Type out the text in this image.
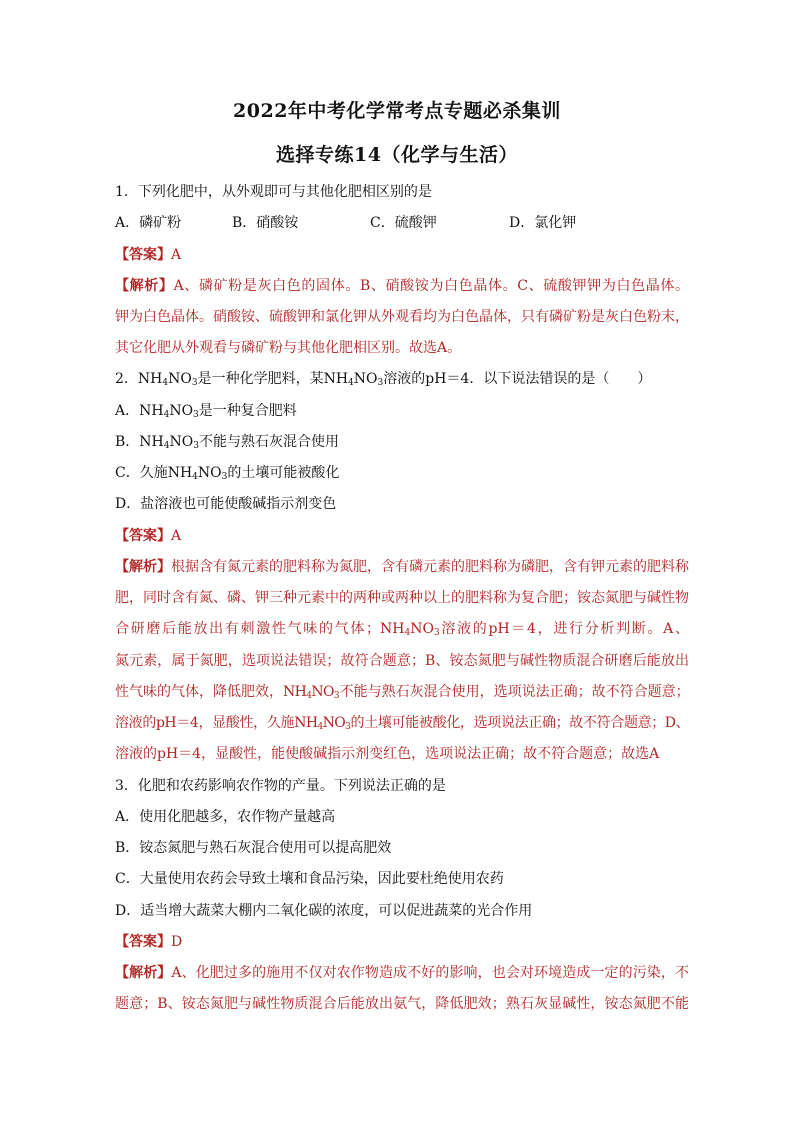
2022年中考化学常考点专题必杀集训
选择专练14（化学与生活）
1．下列化肥中，从外观即可与其他化肥相区别的是
A．磷矿粉	B．硝酸铵	C．硫酸钾	D．氯化钾
【答案】A
【解析】A、磷矿粉是灰白色的固体。B、硝酸铵为白色晶体。C、硫酸钾钾为白色晶体。
钾为白色晶体。硝酸铵、硫酸钾和氯化钾从外观看均为白色晶体，只有磷矿粉是灰白色粉末，
其它化肥从外观看与磷矿粉与其他化肥相区别。故选A。
2．$NH_4NO_3$是一种化学肥料，某$NH_4NO_3$溶液的pH＝4．以下说法错误的是（　　）
A．$NH_4NO_3$是一种复合肥料
B．$NH_4NO_3$不能与熟石灰混合使用
C．久施$NH_4NO_3$的土壤可能被酸化
D．盐溶液也可能使酸碱指示剂变色
【答案】A
【解析】根据含有氮元素的肥料称为氮肥，含有磷元素的肥料称为磷肥，含有钾元素的肥料称
肥，同时含有氮、磷、钾三种元素中的两种或两种以上的肥料称为复合肥；铵态氮肥与碱性物
合研磨后能放出有刺激性气味的气体；$NH_4NO_3$溶液的pH＝4，进行分析判断。A、
氮元素，属于氮肥，选项说法错误；故符合题意；B、铵态氮肥与碱性物质混合研磨后能放出
性气味的气体，降低肥效，$NH_4NO_3$不能与熟石灰混合使用，选项说法正确；故不符合题意；
溶液的pH＝4，显酸性，久施$NH_4NO_3$的土壤可能被酸化，选项说法正确；故不符合题意；D、
溶液的pH＝4，显酸性，能使酸碱指示剂变红色，选项说法正确；故不符合题意；故选A
3．化肥和农药影响农作物的产量。下列说法正确的是
A．使用化肥越多，农作物产量越高
B．铵态氮肥与熟石灰混合使用可以提高肥效
C．大量使用农药会导致土壤和食品污染，因此要杜绝使用农药
D．适当增大蔬菜大棚内二氧化碳的浓度，可以促进蔬菜的光合作用
【答案】D
【解析】A、化肥过多的施用不仅对农作物造成不好的影响，也会对环境造成一定的污染，不
题意；B、铵态氮肥与碱性物质混合后能放出氨气，降低肥效；熟石灰显碱性，铵态氮肥不能
